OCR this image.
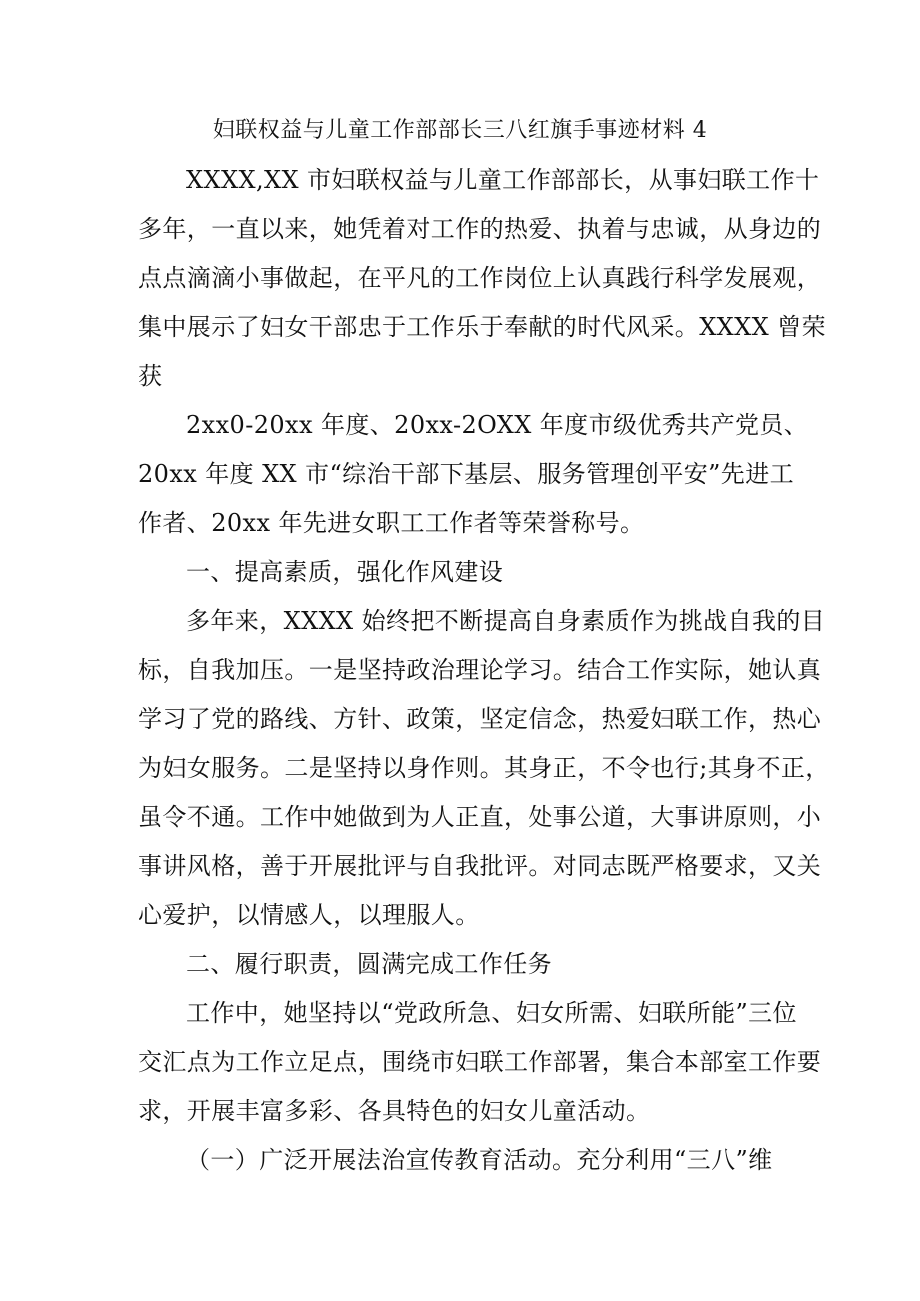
妇联权益与儿童工作部部长三八红旗手事迹材料 4
XXXX,XX 市妇联权益与儿童工作部部长，从事妇联工作十
多年，一直以来，她凭着对工作的热爱、执着与忠诚，从身边的
点点滴滴小事做起，在平凡的工作岗位上认真践行科学发展观，
集中展示了妇女干部忠于工作乐于奉献的时代风采。XXXX 曾荣
获
2xx0-20xx 年度、20xx-2OXX 年度市级优秀共产党员、
20xx 年度 XX 市“综治干部下基层、服务管理创平安”先进工
作者、20xx 年先进女职工工作者等荣誉称号。
一、提高素质，强化作风建设
多年来，XXXX 始终把不断提高自身素质作为挑战自我的目
标，自我加压。一是坚持政治理论学习。结合工作实际，她认真
学习了党的路线、方针、政策，坚定信念，热爱妇联工作，热心
为妇女服务。二是坚持以身作则。其身正，不令也行;其身不正，
虽令不通。工作中她做到为人正直，处事公道，大事讲原则，小
事讲风格，善于开展批评与自我批评。对同志既严格要求，又关
心爱护，以情感人，以理服人。
二、履行职责，圆满完成工作任务
工作中，她坚持以“党政所急、妇女所需、妇联所能”三位
交汇点为工作立足点，围绕市妇联工作部署，集合本部室工作要
求，开展丰富多彩、各具特色的妇女儿童活动。
（一）广泛开展法治宣传教育活动。充分利用“三八”维
